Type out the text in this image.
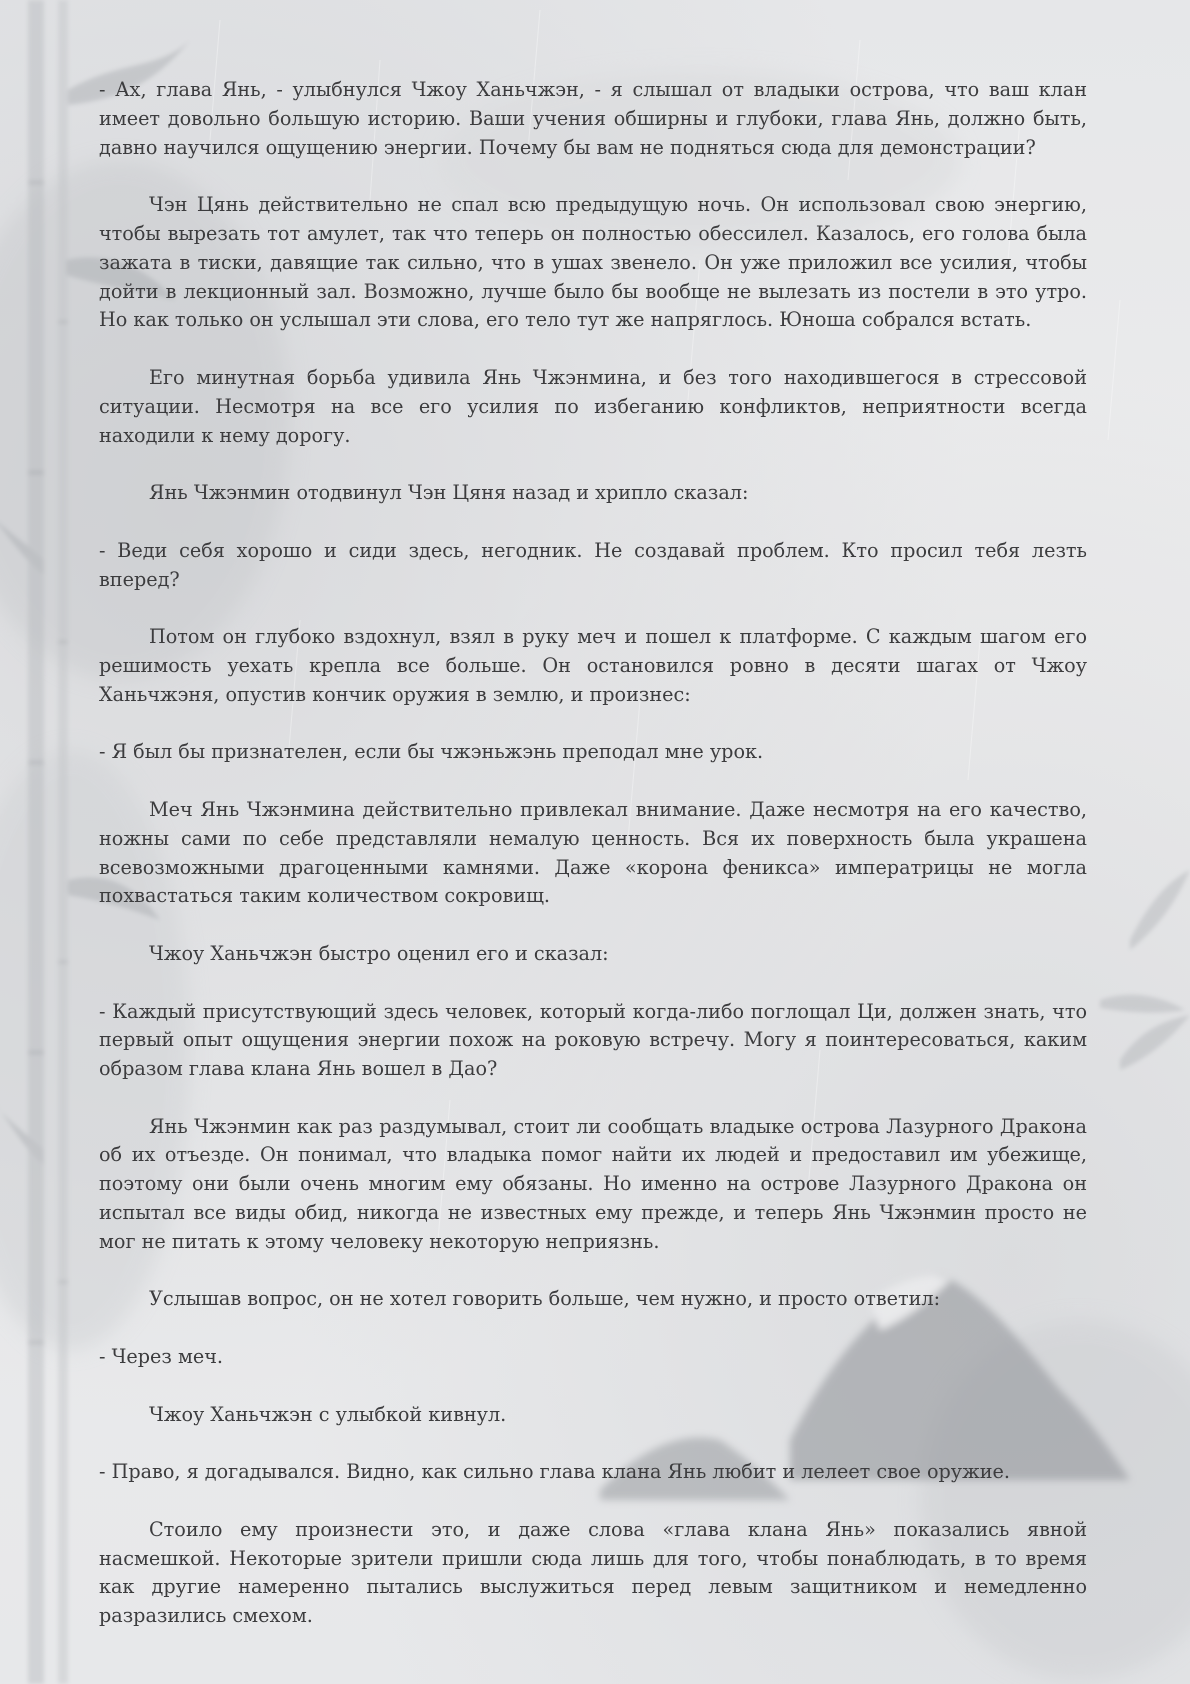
- Ах, глава Янь, - улыбнулся Чжоу Ханьчжэн, - я слышал от владыки острова, что ваш клан имеет довольно большую историю. Ваши учения обширны и глубоки, глава Янь, должно быть, давно научился ощущению энергии. Почему бы вам не подняться сюда для демонстрации?

Чэн Цянь действительно не спал всю предыдущую ночь. Он использовал свою энергию, чтобы вырезать тот амулет, так что теперь он полностью обессилел. Казалось, его голова была зажата в тиски, давящие так сильно, что в ушах звенело. Он уже приложил все усилия, чтобы дойти в лекционный зал. Возможно, лучше было бы вообще не вылезать из постели в это утро. Но как только он услышал эти слова, его тело тут же напряглось. Юноша собрался встать.

Его минутная борьба удивила Янь Чжэнмина, и без того находившегося в стрессовой ситуации. Несмотря на все его усилия по избеганию конфликтов, неприятности всегда находили к нему дорогу.

Янь Чжэнмин отодвинул Чэн Цяня назад и хрипло сказал:

- Веди себя хорошо и сиди здесь, негодник. Не создавай проблем. Кто просил тебя лезть вперед?

Потом он глубоко вздохнул, взял в руку меч и пошел к платформе. С каждым шагом его решимость уехать крепла все больше. Он остановился ровно в десяти шагах от Чжоу Ханьчжэня, опустив кончик оружия в землю, и произнес:

- Я был бы признателен, если бы чжэньжэнь преподал мне урок.

Меч Янь Чжэнмина действительно привлекал внимание. Даже несмотря на его качество, ножны сами по себе представляли немалую ценность. Вся их поверхность была украшена всевозможными драгоценными камнями. Даже «корона феникса» императрицы не могла похвастаться таким количеством сокровищ.

Чжоу Ханьчжэн быстро оценил его и сказал:

- Каждый присутствующий здесь человек, который когда-либо поглощал Ци, должен знать, что первый опыт ощущения энергии похож на роковую встречу. Могу я поинтересоваться, каким образом глава клана Янь вошел в Дао?

Янь Чжэнмин как раз раздумывал, стоит ли сообщать владыке острова Лазурного Дракона об их отъезде. Он понимал, что владыка помог найти их людей и предоставил им убежище, поэтому они были очень многим ему обязаны. Но именно на острове Лазурного Дракона он испытал все виды обид, никогда не известных ему прежде, и теперь Янь Чжэнмин просто не мог не питать к этому человеку некоторую неприязнь.

Услышав вопрос, он не хотел говорить больше, чем нужно, и просто ответил:

- Через меч.

Чжоу Ханьчжэн с улыбкой кивнул.

- Право, я догадывался. Видно, как сильно глава клана Янь любит и лелеет свое оружие.

Стоило ему произнести это, и даже слова «глава клана Янь» показались явной насмешкой. Некоторые зрители пришли сюда лишь для того, чтобы понаблюдать, в то время как другие намеренно пытались выслужиться перед левым защитником и немедленно разразились смехом.
